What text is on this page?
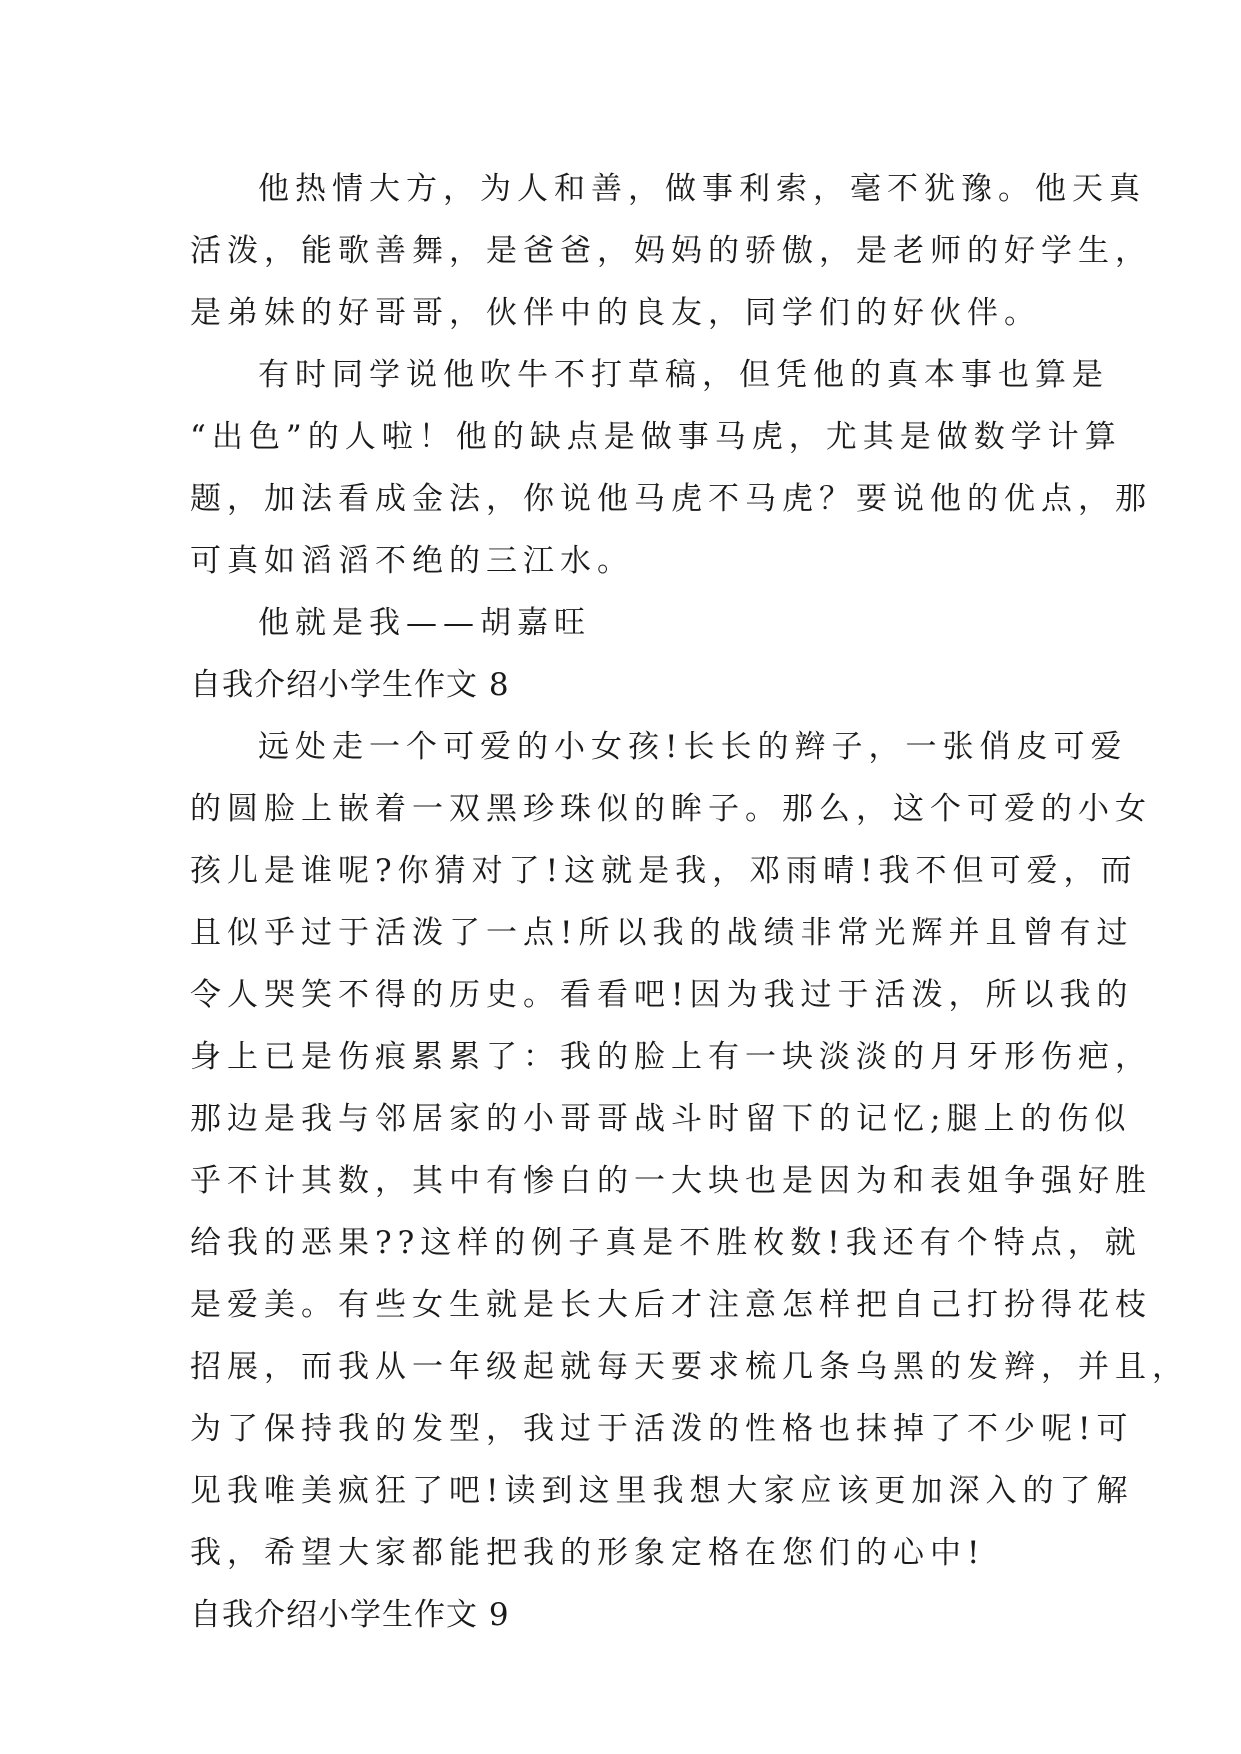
他热情大方，为人和善，做事利索，毫不犹豫。他天真
活泼，能歌善舞，是爸爸，妈妈的骄傲，是老师的好学生，
是弟妹的好哥哥，伙伴中的良友，同学们的好伙伴。
有时同学说他吹牛不打草稿，但凭他的真本事也算是
“出色”的人啦！他的缺点是做事马虎，尤其是做数学计算
题，加法看成金法，你说他马虎不马虎？要说他的优点，那
可真如滔滔不绝的三江水。
他就是我——胡嘉旺
自我介绍小学生作文 8
远处走一个可爱的小女孩!长长的辫子，一张俏皮可爱
的圆脸上嵌着一双黑珍珠似的眸子。那么，这个可爱的小女
孩儿是谁呢?你猜对了!这就是我，邓雨晴!我不但可爱，而
且似乎过于活泼了一点!所以我的战绩非常光辉并且曾有过
令人哭笑不得的历史。看看吧!因为我过于活泼，所以我的
身上已是伤痕累累了：我的脸上有一块淡淡的月牙形伤疤，
那边是我与邻居家的小哥哥战斗时留下的记忆;腿上的伤似
乎不计其数，其中有惨白的一大块也是因为和表姐争强好胜
给我的恶果??这样的例子真是不胜枚数!我还有个特点，就
是爱美。有些女生就是长大后才注意怎样把自己打扮得花枝
招展，而我从一年级起就每天要求梳几条乌黑的发辫，并且，
为了保持我的发型，我过于活泼的性格也抹掉了不少呢!可
见我唯美疯狂了吧!读到这里我想大家应该更加深入的了解
我，希望大家都能把我的形象定格在您们的心中!
自我介绍小学生作文 9
